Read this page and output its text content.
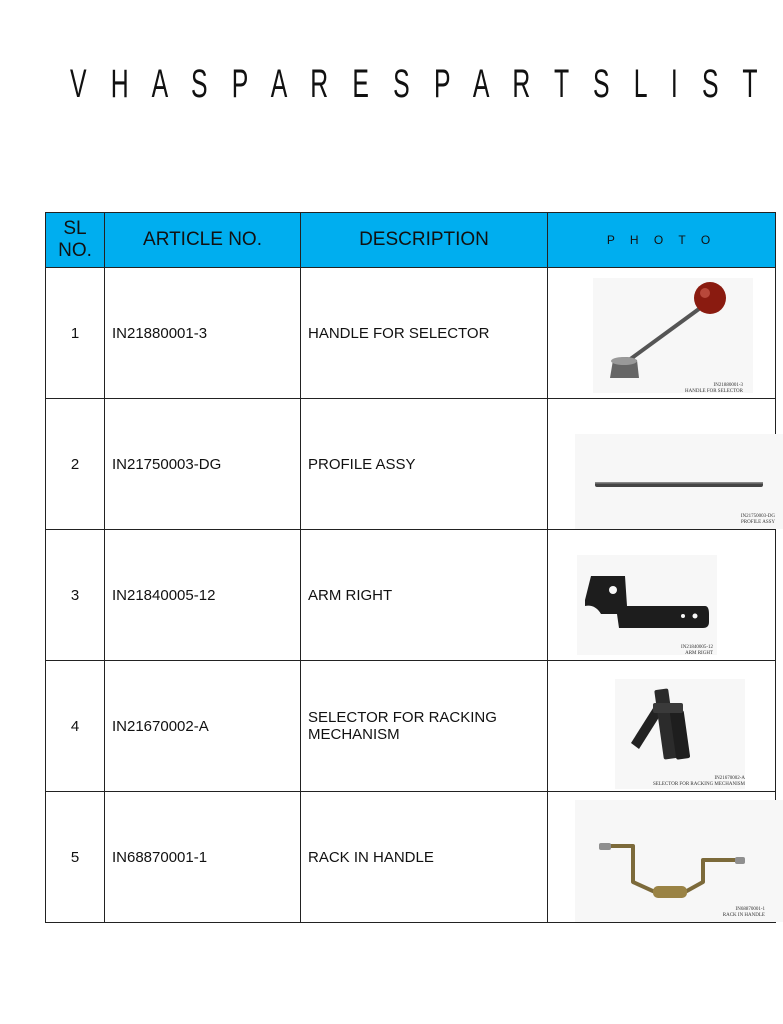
V H A S P A R E S P A R T S L I S T
SL NO.	ARTICLE NO.	DESCRIPTION	P H O T O
1	IN21880001-3	HANDLE FOR SELECTOR	IN21880001-3
HANDLE FOR SELECTOR

2	IN21750003-DG	PROFILE ASSY	IN21750003-DG
PROFILE ASSY

3	IN21840005-12	ARM RIGHT	IN21840005-12
ARM RIGHT

4	IN21670002-A	SELECTOR FOR RACKING MECHANISM	IN21670002-A
SELECTOR FOR RACKING MECHANISM

5	IN68870001-1	RACK IN HANDLE	IN68870001-1
RACK IN HANDLE
